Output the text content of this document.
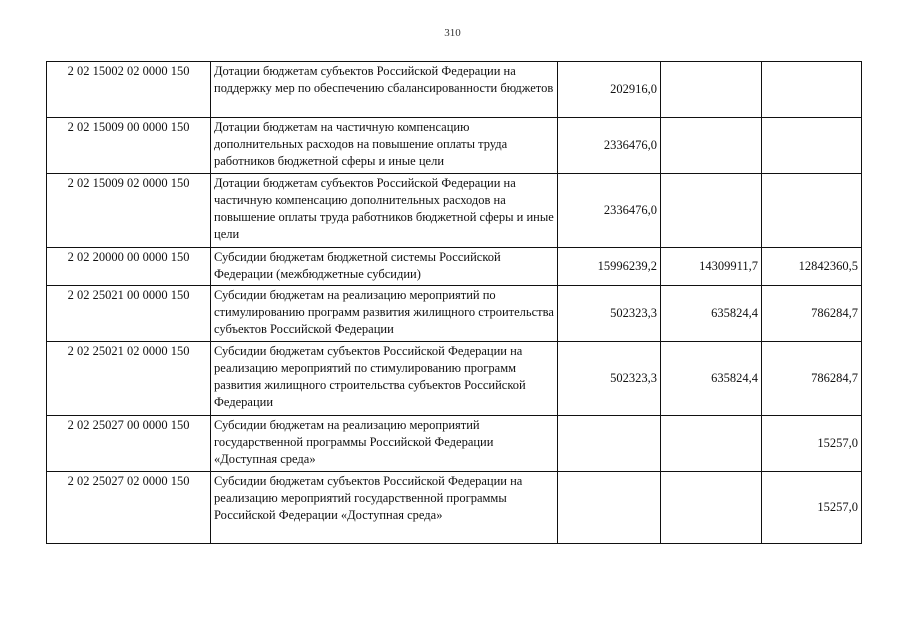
310
2 02 15002 02 0000 150	Дотации бюджетам субъектов Российской Федерации на поддержку мер по обеспечению сбалансированности бюджетов	202916,0		
2 02 15009 00 0000 150	Дотации бюджетам на частичную компенсацию дополнительных расходов на повышение оплаты труда работников бюджетной сферы и иные цели	2336476,0		
2 02 15009 02 0000 150	Дотации бюджетам субъектов Российской Федерации на частичную компенсацию дополнительных расходов на повышение оплаты труда работников бюджетной сферы и иные цели	2336476,0		
2 02 20000 00 0000 150	Субсидии бюджетам бюджетной системы Российской Федерации (межбюджетные субсидии)	15996239,2	14309911,7	12842360,5
2 02 25021 00 0000 150	Субсидии бюджетам на реализацию мероприятий по стимулированию программ развития жилищного строительства субъектов Российской Федерации	502323,3	635824,4	786284,7
2 02 25021 02 0000 150	Субсидии бюджетам субъектов Российской Федерации на реализацию мероприятий по стимулированию программ развития жилищного строительства субъектов Российской Федерации	502323,3	635824,4	786284,7
2 02 25027 00 0000 150	Субсидии бюджетам на реализацию мероприятий государственной программы Российской Федерации «Доступная среда»			15257,0
2 02 25027 02 0000 150	Субсидии бюджетам субъектов Российской Федерации на реализацию мероприятий государственной программы Российской Федерации «Доступная среда»			15257,0
